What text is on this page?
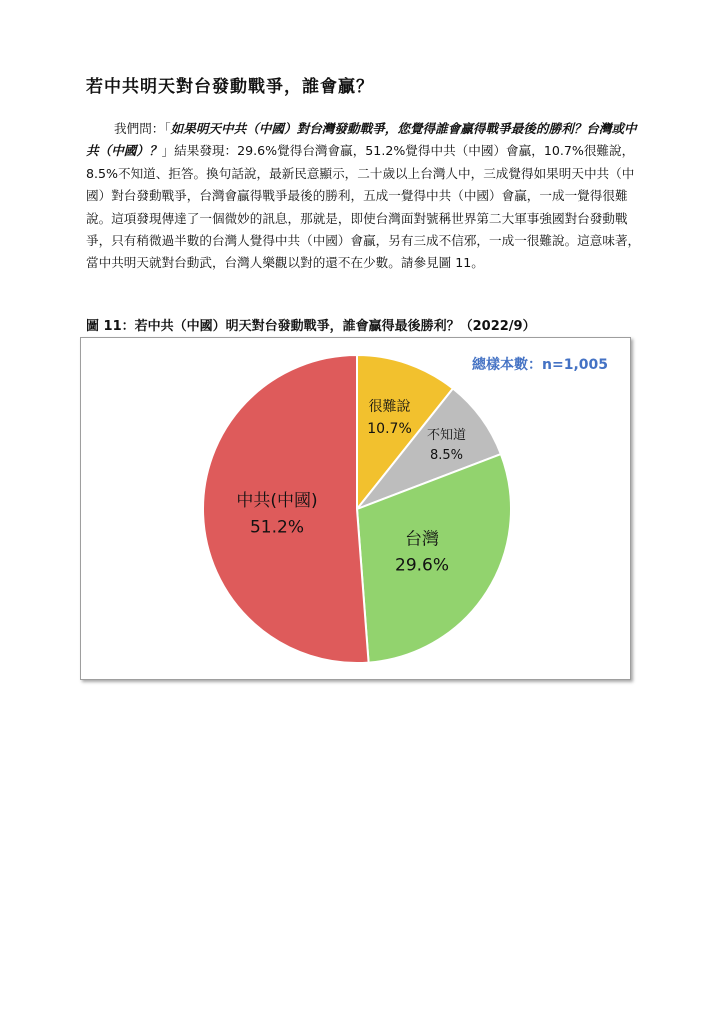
若中共明天對台發動戰爭，誰會贏？
我們問：「如果明天中共（中國）對台灣發動戰爭，您覺得誰會贏得戰爭最後的勝利？台灣或中共（中國）？」結果發現：29.6%覺得台灣會贏，51.2%覺得中共（中國）會贏，10.7%很難說，8.5%不知道、拒答。換句話說，最新民意顯示，二十歲以上台灣人中，三成覺得如果明天中共（中國）對台發動戰爭，台灣會贏得戰爭最後的勝利，五成一覺得中共（中國）會贏，一成一覺得很難說。這項發現傳達了一個微妙的訊息，那就是，即使台灣面對號稱世界第二大軍事強國對台發動戰爭，只有稍微過半數的台灣人覺得中共（中國）會贏，另有三成不信邪，一成一很難說。這意味著，當中共明天就對台動武，台灣人樂觀以對的還不在少數。請參見圖 11。
圖 11：若中共（中國）明天對台發動戰爭，誰會贏得最後勝利？（2022/9）
總樣本數：n=1,005
很難說
10.7% 不知道
8.5%
台灣
29.6%
中共(中國)
51.2%
